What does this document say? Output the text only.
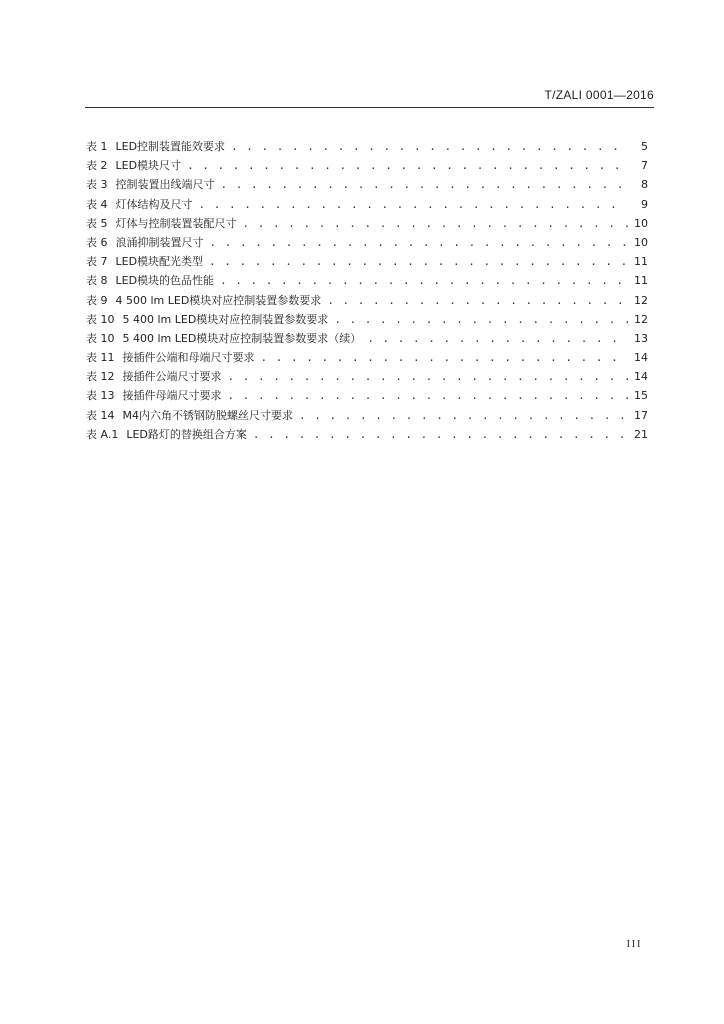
T/ZALI 0001—2016
表 1 LED控制装置能效要求 . . .	5
表 2 LED模块尺寸 . . .	7
表 3 控制装置出线端尺寸 . . .	8
表 4 灯体结构及尺寸 . . .	9
表 5 灯体与控制装置装配尺寸 . . .	10
表 6 浪涌抑制装置尺寸 . . .	10
表 7 LED模块配光类型 . . .	11
表 8 LED模块的色品性能 . . .	11
表 9 4 500 lm LED模块对应控制装置参数要求 . . .	12
表 10 5 400 lm LED模块对应控制装置参数要求 . . .	12
表 10 5 400 lm LED模块对应控制装置参数要求（续） . . .	13
表 11 接插件公端和母端尺寸要求 . . .	14
表 12 接插件公端尺寸要求 . . .	14
表 13 接插件母端尺寸要求 . . .	15
表 14 M4内六角不锈钢防脱螺丝尺寸要求 . . .	17
表 A.1 LED路灯的替换组合方案 . . .	21
III
